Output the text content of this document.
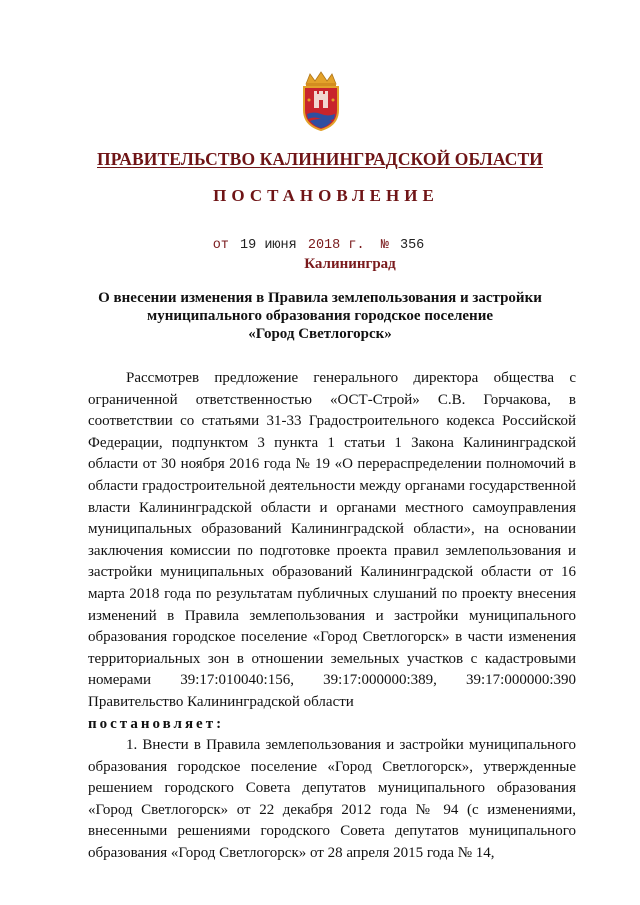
ПРАВИТЕЛЬСТВО КАЛИНИНГРАДСКОЙ ОБЛАСТИ
ПОСТАНОВЛЕНИЕ
от 19 июня 2018 г. № 356
Калининград
О внесении изменения в Правила землепользования и застройки
муниципального образования городское поселение
«Город Светлогорск»

Рассмотрев предложение генерального директора общества с ограниченной ответственностью «ОСТ-Строй» С.В. Горчакова, в соответствии со статьями 31-33 Градостроительного кодекса Российской Федерации, подпунктом 3 пункта 1 статьи 1 Закона Калининградской области от 30 ноября 2016 года № 19 «О перераспределении полномочий в области градостроительной деятельности между органами государственной власти Калининградской области и органами местного самоуправления муниципальных образований Калининградской области», на основании заключения комиссии по подготовке проекта правил землепользования и застройки муниципальных образований Калининградской области от 16 марта 2018 года по результатам публичных слушаний по проекту внесения изменений в Правила землепользования и застройки муниципального образования городское поселение «Город Светлогорск» в части изменения территориальных зон в отношении земельных участков с кадастровыми номерами 39:17:010040:156, 39:17:000000:389, 39:17:000000:390 Правительство Калининградской области

постановляет:

1. Внести в Правила землепользования и застройки муниципального образования городское поселение «Город Светлогорск», утвержденные решением городского Совета депутатов муниципального образования «Город Светлогорск» от 22 декабря 2012 года № 94 (с изменениями, внесенными решениями городского Совета депутатов муниципального образования «Город Светлогорск» от 28 апреля 2015 года № 14,
